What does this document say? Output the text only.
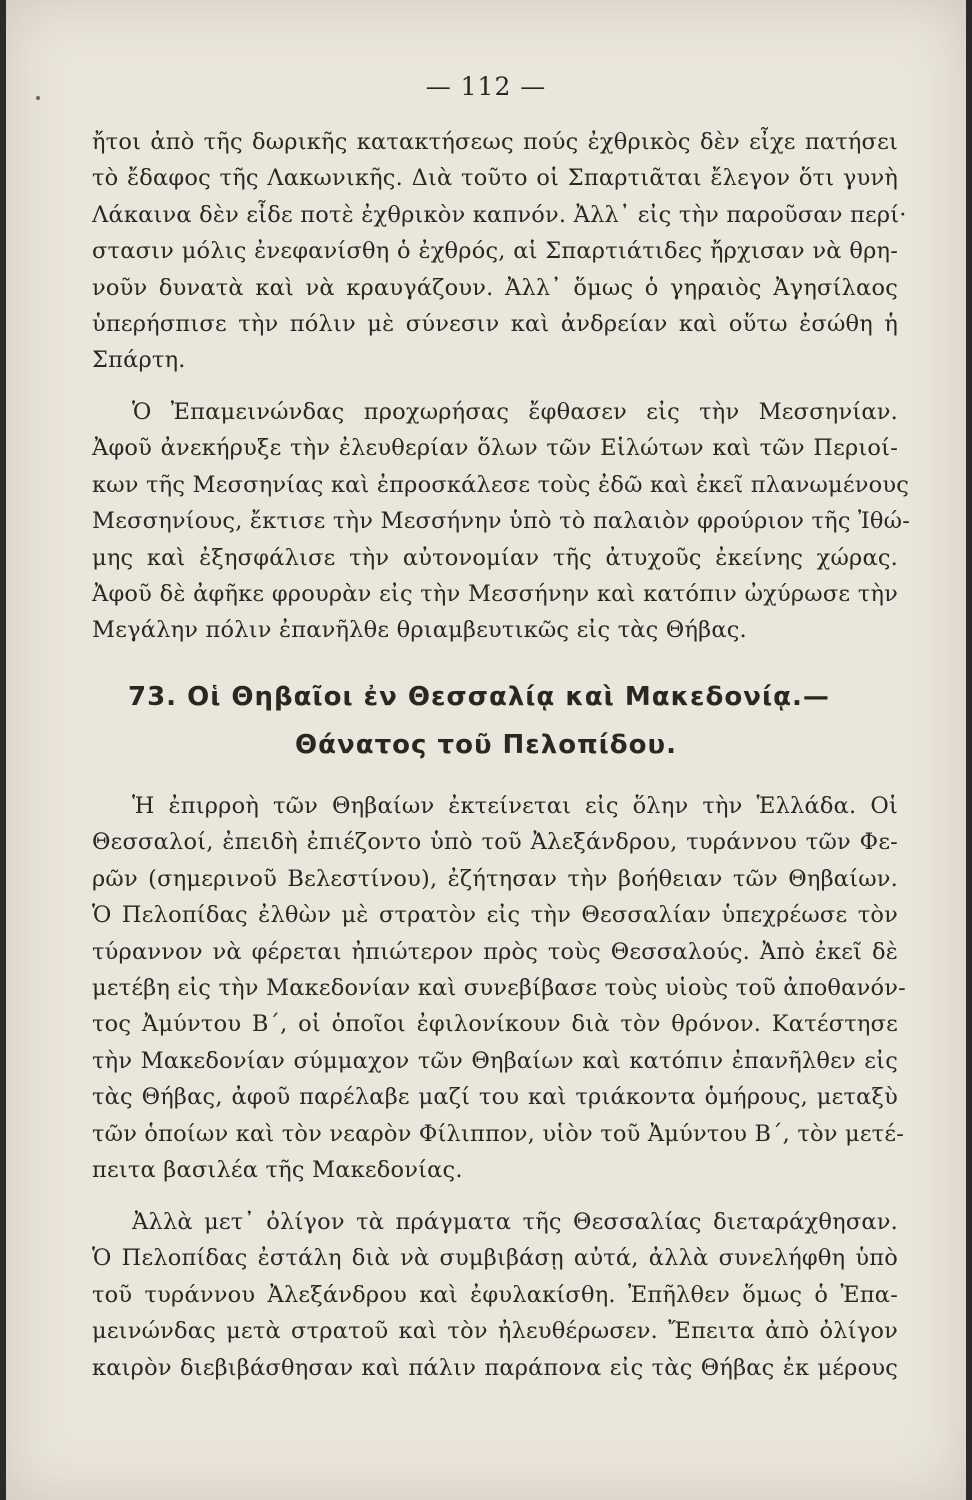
— 112 —
ἤτοι ἀπὸ τῆς δωρικῆς κατακτήσεως πούς ἐχθρικὸς δὲν εἶχε πατήσει
τὸ ἔδαφος τῆς Λακωνικῆς. Διὰ τοῦτο οἱ Σπαρτιᾶται ἔλεγον ὅτι γυνὴ
Λάκαινα δὲν εἶδε ποτὲ ἐχθρικὸν καπνόν. Ἀλλ᾽ εἰς τὴν παροῦσαν περί·
στασιν μόλις ἐνεφανίσθη ὁ ἐχθρός, αἱ Σπαρτιάτιδες ἤρχισαν νὰ θρη-
νοῦν δυνατὰ καὶ νὰ κραυγάζουν. Ἀλλ᾽ ὅμως ὁ γηραιὸς Ἀγησίλαος
ὑπερήσπισε τὴν πόλιν μὲ σύνεσιν καὶ ἀνδρείαν καὶ οὕτω ἐσώθη ἡ
Σπάρτη.
Ὁ Ἐπαμεινώνδας προχωρήσας ἔφθασεν εἰς τὴν Μεσσηνίαν.
Ἀφοῦ ἀνεκήρυξε τὴν ἐλευθερίαν ὅλων τῶν Εἱλώτων καὶ τῶν Περιοί-
κων τῆς Μεσσηνίας καὶ ἐπροσκάλεσε τοὺς ἐδῶ καὶ ἐκεῖ πλανωμένους
Μεσσηνίους, ἔκτισε τὴν Μεσσήνην ὑπὸ τὸ παλαιὸν φρούριον τῆς Ἰθώ-
μης καὶ ἐξησφάλισε τὴν αὐτονομίαν τῆς ἀτυχοῦς ἐκείνης χώρας.
Ἀφοῦ δὲ ἀφῆκε φρουρὰν εἰς τὴν Μεσσήνην καὶ κατόπιν ὠχύρωσε τὴν
Μεγάλην πόλιν ἐπανῆλθε θριαμβευτικῶς εἰς τὰς Θήβας.
73. Οἱ Θηβαῖοι ἐν Θεσσαλίᾳ καὶ Μακεδονίᾳ.—
Θάνατος τοῦ Πελοπίδου.
Ἡ ἐπιρροὴ τῶν Θηβαίων ἐκτείνεται εἰς ὅλην τὴν Ἑλλάδα. Οἱ
Θεσσαλοί, ἐπειδὴ ἐπιέζοντο ὑπὸ τοῦ Ἀλεξάνδρου, τυράννου τῶν Φε-
ρῶν (σημερινοῦ Βελεστίνου), ἐζήτησαν τὴν βοήθειαν τῶν Θηβαίων.
Ὁ Πελοπίδας ἐλθὼν μὲ στρατὸν εἰς τὴν Θεσσαλίαν ὑπεχρέωσε τὸν
τύραννον νὰ φέρεται ἠπιώτερον πρὸς τοὺς Θεσσαλούς. Ἀπὸ ἐκεῖ δὲ
μετέβη εἰς τὴν Μακεδονίαν καὶ συνεβίβασε τοὺς υἱοὺς τοῦ ἀποθανόν-
τος Ἀμύντου Β΄, οἱ ὁποῖοι ἐφιλονίκουν διὰ τὸν θρόνον. Κατέστησε
τὴν Μακεδονίαν σύμμαχον τῶν Θηβαίων καὶ κατόπιν ἐπανῆλθεν εἰς
τὰς Θήβας, ἀφοῦ παρέλαβε μαζί του καὶ τριάκοντα ὁμήρους, μεταξὺ
τῶν ὁποίων καὶ τὸν νεαρὸν Φίλιππον, υἱὸν τοῦ Ἀμύντου Β΄, τὸν μετέ-
πειτα βασιλέα τῆς Μακεδονίας.
Ἀλλὰ μετ᾽ ὀλίγον τὰ πράγματα τῆς Θεσσαλίας διεταράχθησαν.
Ὁ Πελοπίδας ἐστάλη διὰ νὰ συμβιβάσῃ αὐτά, ἀλλὰ συνελήφθη ὑπὸ
τοῦ τυράννου Ἀλεξάνδρου καὶ ἐφυλακίσθη. Ἐπῆλθεν ὅμως ὁ Ἐπα-
μεινώνδας μετὰ στρατοῦ καὶ τὸν ἠλευθέρωσεν. Ἔπειτα ἀπὸ ὀλίγον
καιρὸν διεβιβάσθησαν καὶ πάλιν παράπονα εἰς τὰς Θήβας ἐκ μέρους
